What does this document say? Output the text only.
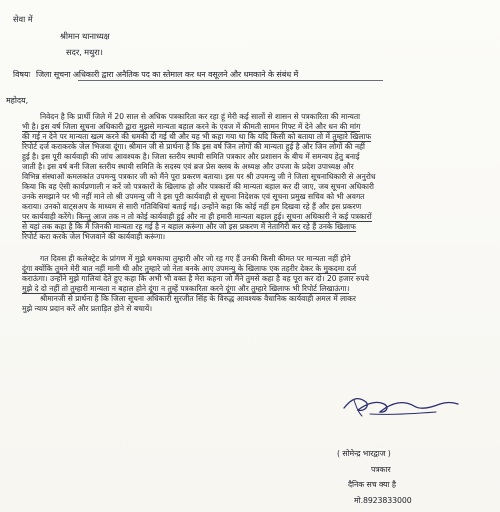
सेवा में
श्रीमान थानाध्यक्ष
सदर, मथुरा।
विषयः जिला सूचना अधिकारी द्वारा अनैतिक पद का स्तेमाल कर धन वसूलने और धमकाने के संबंध में
महोदय,
निवेदन है कि प्रार्थी जिले में 20 साल से अधिक पत्रकारिता कर रहा हूं मेरी कई सालों से शासन से पत्रकारिता की मान्यता
भी है। इस वर्ष जिला सूचना अधिकारी द्वारा मुझसे मान्यता बहाल करने के एवज में कीमती सामन गिफ्ट में देने और धन की मांग
की गई न देने पर मान्यता खत्म करने की धमकी दी गई थी और यह भी कहा गया था कि यदि किसी को बताया तो में तुम्हारे खिलाफ
रिपोर्ट दर्ज कराकरके जेल भिजवा दूंगा। श्रीमान जी से प्रार्थना है कि इस वर्ष जिन लोगों की मान्यता हुई है और जिन लोगों की नहीं
हुई है। इस पूरी कार्यवाही की जांच आवश्यक है। जिला स्तरीय स्थायी समिति पत्रकार और प्रशासन के बीच में समन्वय हेतु बनाई
जाती है। इस वर्ष बनी जिला स्तरीय स्थायी समिति के सदस्य एवं ब्रज प्रेस क्लब के अध्यक्ष और उपजा के प्रदेश उपाध्यक्ष और
विभिन्न संस्थाओं कमलकांत उपमन्यु पत्रकार जी को मैंने पूरा प्रकरण बताया। इस पर श्री उपमन्यु जी ने जिला सूचनाधिकारी से अनुरोध
किया कि वह ऐसी कार्यप्रणाली न करें जो पत्रकारों के खिलाफ हो और पत्रकारों की मान्यता बहाल कर दी जाए, जब सूचना अधिकारी
उनके समझाने पर भी नहीं माने तो श्री उपमन्यु जी ने इस पूरी कार्यवाही से सूचना निदेशक एवं सूचना प्रमुख सचिव को भी अवगत
कराया। उनको वाट्सअप के माध्यम से सारी गतिविधियां बताई गई। उन्होंने कहा कि कोई नहीं हम दिखवा रहे हैं और इस प्रकरण
पर कार्यवाही करेंगे। किन्तु आज तक न तो कोई कार्यवाही हुई और ना ही हमारी मान्यता बहाल हुई। सूचना अधिकारी ने कई पत्रकारों
से यहां तक कहा है कि मैं जिनकी मान्यता रह गई है न बहाल करूंगा और जो इस प्रकरण में नेतागिरी कर रहे हैं उनके खिलाफ
रिपोर्ट करा करके जेल भिजवाने की कार्यवाही करूंगा।
गत दिवस ही कलेक्ट्रेट के प्रांगण में मुझे धमकाया तुम्हारी और जो रह गए हैं उनकी किसी कीमत पर मान्यता नहीं होने
दूंगा क्योंकि तुमने मेरी बात नहीं मानी थी और तुम्हारे जो नेता बनके आए उपमन्यु के खिलाफ एक तहरीर देकर के मुकदमा दर्ज
कराऊंगा। उन्होंने मुझे गालियां देते हुए कहा कि अभी भी वक्त है मेरा कहना जो मैंने तुमसे कहा है वह पूरा कर दो। 20 हजार रुपये
मुझे दे दो नहीं तो तुम्हारी मान्यता न बहाल होने दूंगा न तुम्हें पत्रकारिता करने दूंगा और तुम्हारे खिलाफ भी रिपोर्ट लिखाऊंगा।
श्रीमानजी से प्रार्थना है कि जिला सूचना अधिकारी सुरजीत सिंह के विरुद्ध आवश्यक वैधानिक कार्यवाही अमल में लाकर
मुझे न्याय प्रदान करें और प्रताड़ित होने से बचायें।
( सोमेन्द्र भारद्वाज )
पत्रकार
दैनिक सच क्या है
मो.8923833000
